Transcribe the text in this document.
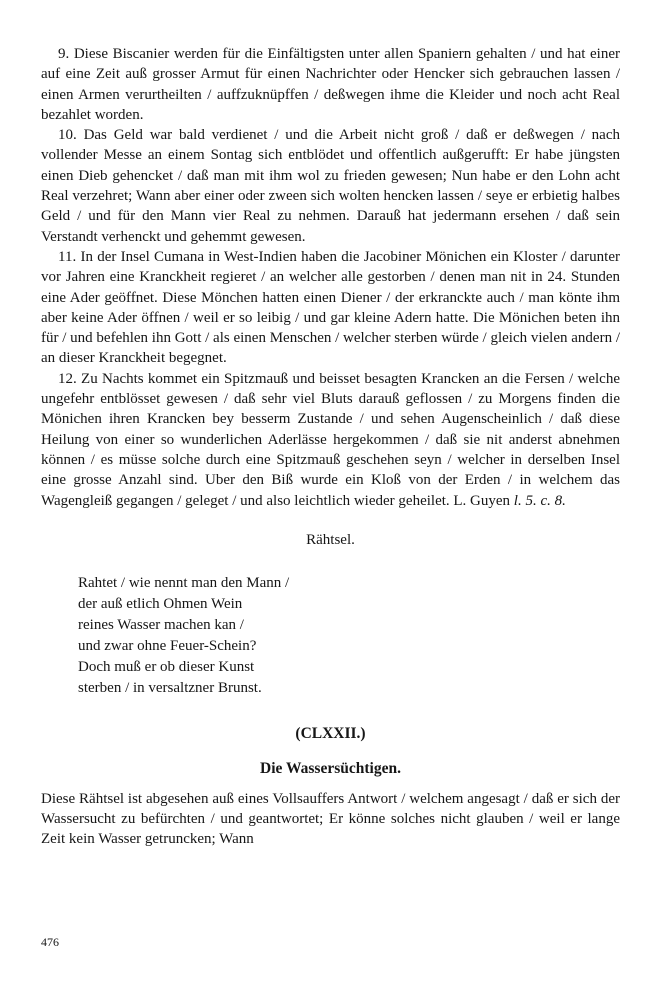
9. Diese Biscanier werden für die Einfältigsten unter allen Spaniern gehalten / und hat einer auf eine Zeit auß grosser Armut für einen Nachrichter oder Hencker sich gebrauchen lassen / einen Armen verurtheilten / auffzuknüpffen / deßwegen ihme die Kleider und noch acht Real bezahlet worden.

10. Das Geld war bald verdienet / und die Arbeit nicht groß / daß er deßwegen / nach vollender Messe an einem Sontag sich entblödet und offentlich außgerufft: Er habe jüngsten einen Dieb gehencket / daß man mit ihm wol zu frieden gewesen; Nun habe er den Lohn acht Real verzehret; Wann aber einer oder zween sich wolten hencken lassen / seye er erbietig halbes Geld / und für den Mann vier Real zu nehmen. Darauß hat jedermann ersehen / daß sein Verstandt verhenckt und gehemmt gewesen.

11. In der Insel Cumana in West-Indien haben die Jacobiner Mönichen ein Kloster / darunter vor Jahren eine Kranckheit regieret / an welcher alle gestorben / denen man nit in 24. Stunden eine Ader geöffnet. Diese Mönchen hatten einen Diener / der erkranckte auch / man könte ihm aber keine Ader öffnen / weil er so leibig / und gar kleine Adern hatte. Die Mönichen beten ihn für / und befehlen ihn Gott / als einen Menschen / welcher sterben würde / gleich vielen andern / an dieser Kranckheit begegnet.

12. Zu Nachts kommet ein Spitzmauß und beisset besagten Krancken an die Fersen / welche ungefehr entblösset gewesen / daß sehr viel Bluts darauß geflossen / zu Morgens finden die Mönichen ihren Krancken bey besserm Zustande / und sehen Augenscheinlich / daß diese Heilung von einer so wunderlichen Aderlässe hergekommen / daß sie nit anderst abnehmen können / es müsse solche durch eine Spitzmauß geschehen seyn / welcher in derselben Insel eine grosse Anzahl sind. Uber den Biß wurde ein Kloß von der Erden / in welchem das Wagengleiß gegangen / geleget / und also leichtlich wieder geheilet. L. Guyen l. 5. c. 8.

Rähtsel.
Rahtet / wie nennt man den Mann /
der auß etlich Ohmen Wein
reines Wasser machen kan /
und zwar ohne Feuer-Schein?
Doch muß er ob dieser Kunst
sterben / in versaltzner Brunst.
(CLXXII.)
Die Wassersüchtigen.

Diese Rähtsel ist abgesehen auß eines Vollsauffers Antwort / welchem angesagt / daß er sich der Wassersucht zu befürchten / und geantwortet; Er könne solches nicht glauben / weil er lange Zeit kein Wasser getruncken; Wann

476
